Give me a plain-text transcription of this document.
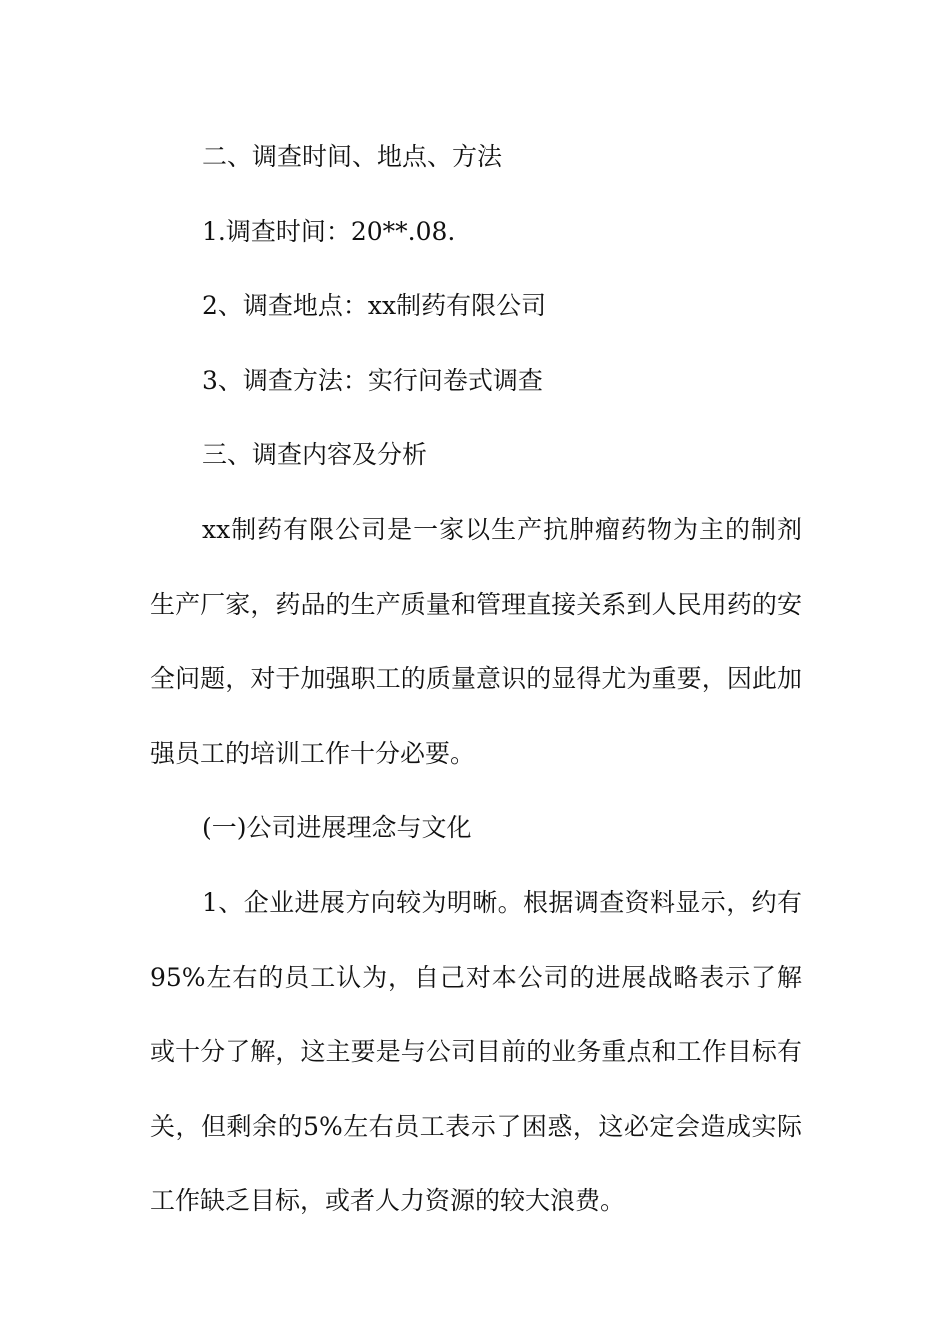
二、调查时间、地点、方法

1.调查时间：20**.08.

2、调查地点：xx制药有限公司

3、调查方法：实行问卷式调查

三、调查内容及分析

xx制药有限公司是一家以生产抗肿瘤药物为主的制剂生产厂家，药品的生产质量和管理直接关系到人民用药的安全问题，对于加强职工的质量意识的显得尤为重要，因此加强员工的培训工作十分必要。

(一)公司进展理念与文化

1、企业进展方向较为明晰。根据调查资料显示，约有95%左右的员工认为，自己对本公司的进展战略表示了解或十分了解，这主要是与公司目前的业务重点和工作目标有关，但剩余的5%左右员工表示了困惑，这必定会造成实际工作缺乏目标，或者人力资源的较大浪费。
